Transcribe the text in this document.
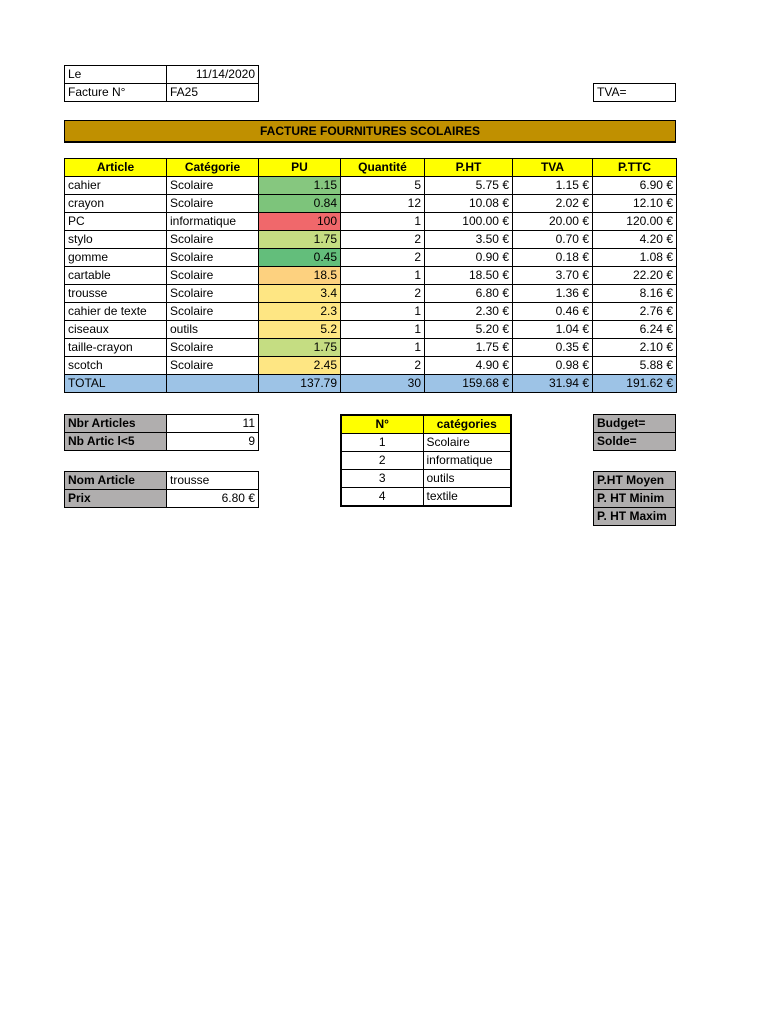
Le	11/14/2020
Facture N°	FA25	TVA=
FACTURE FOURNITURES SCOLAIRES
Article	Catégorie	PU	Quantité	P.HT	TVA	P.TTC
cahier	Scolaire	1.15	5	5.75 €	1.15 €	6.90 €
crayon	Scolaire	0.84	12	10.08 €	2.02 €	12.10 €
PC	informatique	100	1	100.00 €	20.00 €	120.00 €
stylo	Scolaire	1.75	2	3.50 €	0.70 €	4.20 €
gomme	Scolaire	0.45	2	0.90 €	0.18 €	1.08 €
cartable	Scolaire	18.5	1	18.50 €	3.70 €	22.20 €
trousse	Scolaire	3.4	2	6.80 €	1.36 €	8.16 €
cahier de texte	Scolaire	2.3	1	2.30 €	0.46 €	2.76 €
ciseaux	outils	5.2	1	5.20 €	1.04 €	6.24 €
taille-crayon	Scolaire	1.75	1	1.75 €	0.35 €	2.10 €
scotch	Scolaire	2.45	2	4.90 €	0.98 €	5.88 €
TOTAL		137.79	30	159.68 €	31.94 €	191.62 €
Nbr Articles	11
Nb Artic l<5	9
Nom Article	trousse
Prix	6.80 €
N°	catégories
1	Scolaire
2	informatique
3	outils
4	textile
Budget=
Solde=
P.HT Moyen
P. HT Minim
P. HT Maxim
